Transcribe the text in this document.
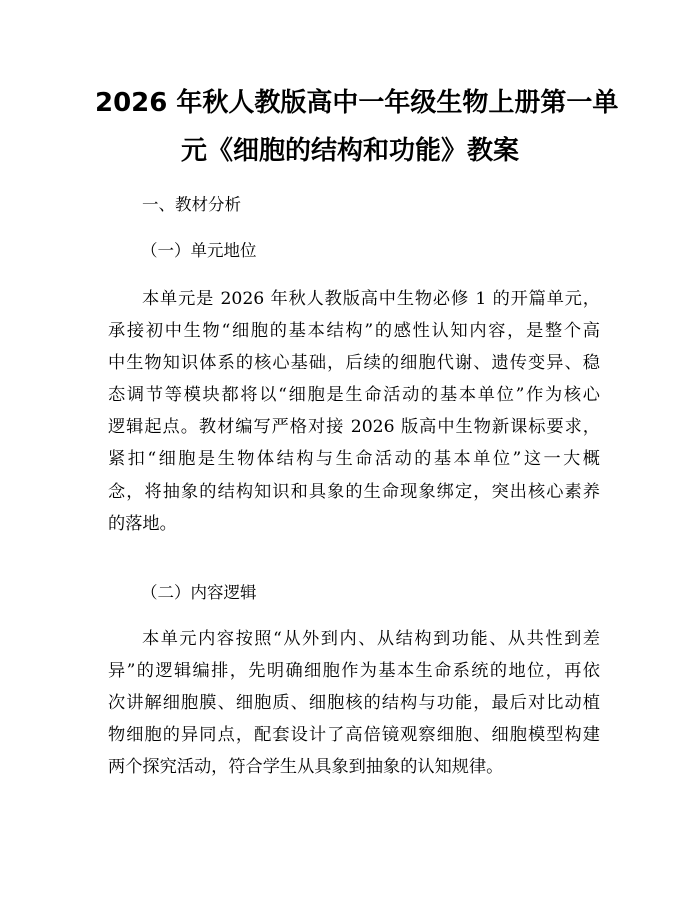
2026 年秋人教版高中一年级生物上册第一单
元《细胞的结构和功能》教案

一、教材分析

（一）单元地位

本单元是 2026 年秋人教版高中生物必修 1 的开篇单元，
承接初中生物“细胞的基本结构”的感性认知内容，是整个高
中生物知识体系的核心基础，后续的细胞代谢、遗传变异、稳
态调节等模块都将以“细胞是生命活动的基本单位”作为核心
逻辑起点。教材编写严格对接 2026 版高中生物新课标要求，
紧扣“细胞是生物体结构与生命活动的基本单位”这一大概
念，将抽象的结构知识和具象的生命现象绑定，突出核心素养
的落地。

（二）内容逻辑

本单元内容按照“从外到内、从结构到功能、从共性到差
异”的逻辑编排，先明确细胞作为基本生命系统的地位，再依
次讲解细胞膜、细胞质、细胞核的结构与功能，最后对比动植
物细胞的异同点，配套设计了高倍镜观察细胞、细胞模型构建
两个探究活动，符合学生从具象到抽象的认知规律。
